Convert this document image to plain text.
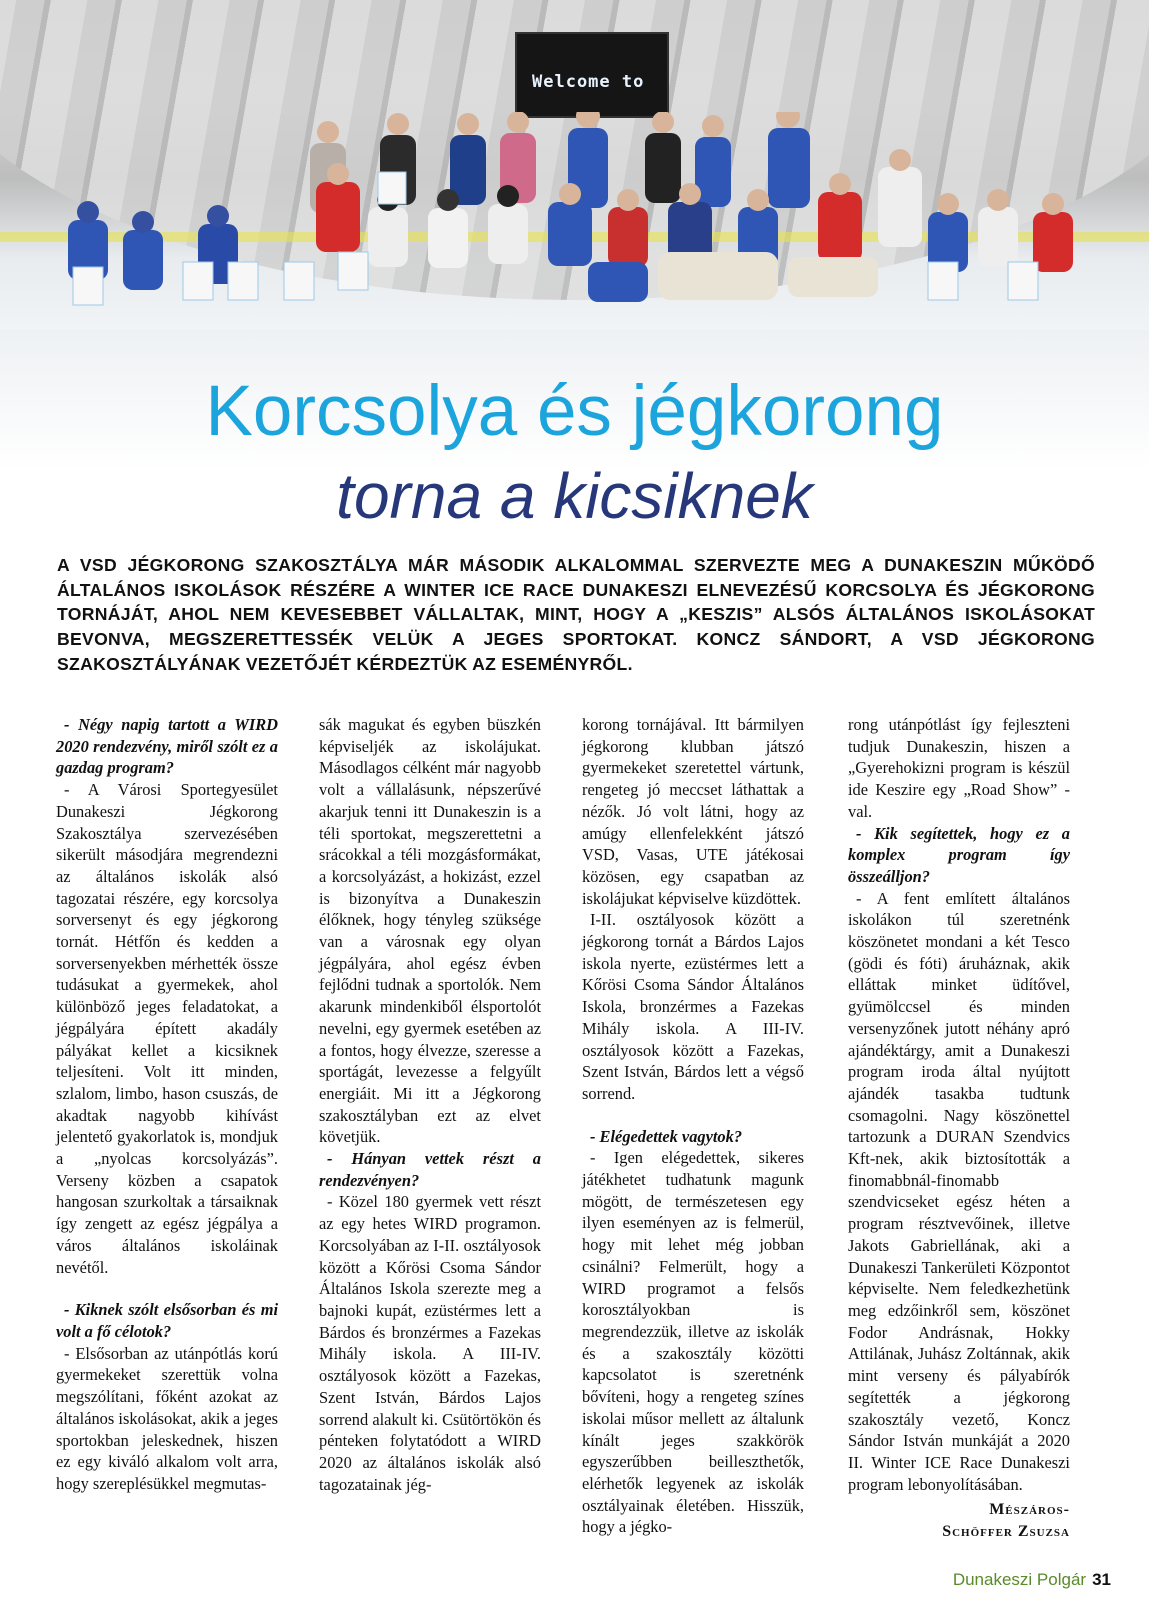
Welcome to
Korcsolya és jégkorong
torna a kicsiknek
A VSD JÉGKORONG SZAKOSZTÁLYA MÁR MÁSODIK ALKALOMMAL SZERVEZTE MEG A DUNAKESZIN MŰKÖDŐ ÁLTALÁNOS ISKOLÁSOK RÉSZÉRE A WINTER ICE RACE DUNAKESZI ELNEVEZÉSŰ KORCSOLYA ÉS JÉGKORONG TORNÁJÁT, AHOL NEM KEVESEBBET VÁLLALTAK, MINT, HOGY A „KESZIS” ALSÓS ÁLTALÁNOS ISKOLÁSOKAT BEVONVA, MEGSZERETTESSÉK VELÜK A JEGES SPORTOKAT. KONCZ SÁNDORT, A VSD JÉGKORONG SZAKOSZTÁLYÁNAK VEZETŐJÉT KÉRDEZTÜK AZ ESEMÉNYRŐL.

- Négy napig tartott a WIRD 2020 rendezvény, miről szólt ez a gazdag program?

- A Városi Sportegyesület Dunakeszi Jégkorong Szakosztálya szervezésében sikerült másodjára megrendezni az általános iskolák alsó tagozatai részére, egy korcsolya sorversenyt és egy jégkorong tornát. Hétfőn és kedden a sorversenyekben mérhették össze tudásukat a gyermekek, ahol különböző jeges feladatokat, a jégpályára épített akadály pályákat kellet a kicsiknek teljesíteni. Volt itt minden, szlalom, limbo, hason csuszás, de akadtak nagyobb kihívást jelentető gyakorlatok is, mondjuk a „nyolcas korcsolyázás”. Verseny közben a csapatok hangosan szurkoltak a társaiknak így zengett az egész jégpálya a város általános iskoláinak nevétől.

- Kiknek szólt elsősorban és mi volt a fő célotok?

- Elsősorban az utánpótlás korú gyermekeket szerettük volna megszólítani, főként azokat az általános iskolásokat, akik a jeges sportokban jeleskednek, hiszen ez egy kiváló alkalom volt arra, hogy szereplésükkel megmutas-

sák magukat és egyben büszkén képviseljék az iskolájukat. Másodlagos célként már nagyobb volt a vállalásunk, népszerűvé akarjuk tenni itt Dunakeszin is a téli sportokat, megszerettetni a srácokkal a téli mozgásformákat, a korcsolyázást, a hokizást, ezzel is bizonyítva a Dunakeszin élőknek, hogy tényleg szüksége van a városnak egy olyan jégpályára, ahol egész évben fejlődni tudnak a sportolók. Nem akarunk mindenkiből élsportolót nevelni, egy gyermek esetében az a fontos, hogy élvezze, szeresse a sportágát, levezesse a felgyűlt energiáit. Mi itt a Jégkorong szakosztályban ezt az elvet követjük.

- Hányan vettek részt a rendezvényen?

- Közel 180 gyermek vett részt az egy hetes WIRD programon. Korcsolyában az I-II. osztályosok között a Kőrösi Csoma Sándor Általános Iskola szerezte meg a bajnoki kupát, ezüstérmes lett a Bárdos és bronzérmes a Fazekas Mihály iskola. A III-IV. osztályosok között a Fazekas, Szent István, Bárdos Lajos sorrend alakult ki. Csütörtökön és pénteken folytatódott a WIRD 2020 az általános iskolák alsó tagozatainak jég-

korong tornájával. Itt bármilyen jégkorong klubban játszó gyermekeket szeretettel vártunk, rengeteg jó meccset láthattak a nézők. Jó volt látni, hogy az amúgy ellenfelekként játszó VSD, Vasas, UTE játékosai közösen, egy csapatban az iskolájukat képviselve küzdöttek.

I-II. osztályosok között a jégkorong tornát a Bárdos Lajos iskola nyerte, ezüstérmes lett a Kőrösi Csoma Sándor Általános Iskola, bronzérmes a Fazekas Mihály iskola. A III-IV. osztályosok között a Fazekas, Szent István, Bárdos lett a végső sorrend.

- Elégedettek vagytok?

- Igen elégedettek, sikeres játékhetet tudhatunk magunk mögött, de természetesen egy ilyen eseményen az is felmerül, hogy mit lehet még jobban csinálni? Felmerült, hogy a WIRD programot a felsős korosztályokban is megrendezzük, illetve az iskolák és a szakosztály közötti kapcsolatot is szeretnénk bővíteni, hogy a rengeteg színes iskolai műsor mellett az általunk kínált jeges szakkörök egyszerűbben beilleszthetők, elérhetők legyenek az iskolák osztályainak életében. Hisszük, hogy a jégko-

rong utánpótlást így fejleszteni tudjuk Dunakeszin, hiszen a „Gyerehokizni program is készül ide Keszire egy „Road Show” -val.

- Kik segítettek, hogy ez a komplex program így összeálljon?

- A fent említett általános iskolákon túl szeretnénk köszönetet mondani a két Tesco (gödi és fóti) áruháznak, akik elláttak minket üdítővel, gyümölccsel és minden versenyzőnek jutott néhány apró ajándéktárgy, amit a Dunakeszi program iroda által nyújtott ajándék tasakba tudtunk csomagolni. Nagy köszönettel tartozunk a DURAN Szendvics Kft-nek, akik biztosították a finomabbnál-finomabb szendvicseket egész héten a program résztvevőinek, illetve Jakots Gabriellának, aki a Dunakeszi Tankerületi Központot képviselte. Nem feledkezhetünk meg edzőinkről sem, köszönet Fodor Andrásnak, Hokky Attilának, Juhász Zoltánnak, akik mint verseny és pályabírók segítették a jégkorong szakosztály vezető, Koncz Sándor István munkáját a 2020 II. Winter ICE Race Dunakeszi program lebonyolításában.

Mészáros-
Schöffer Zsuzsa
Dunakeszi Polgár 31
